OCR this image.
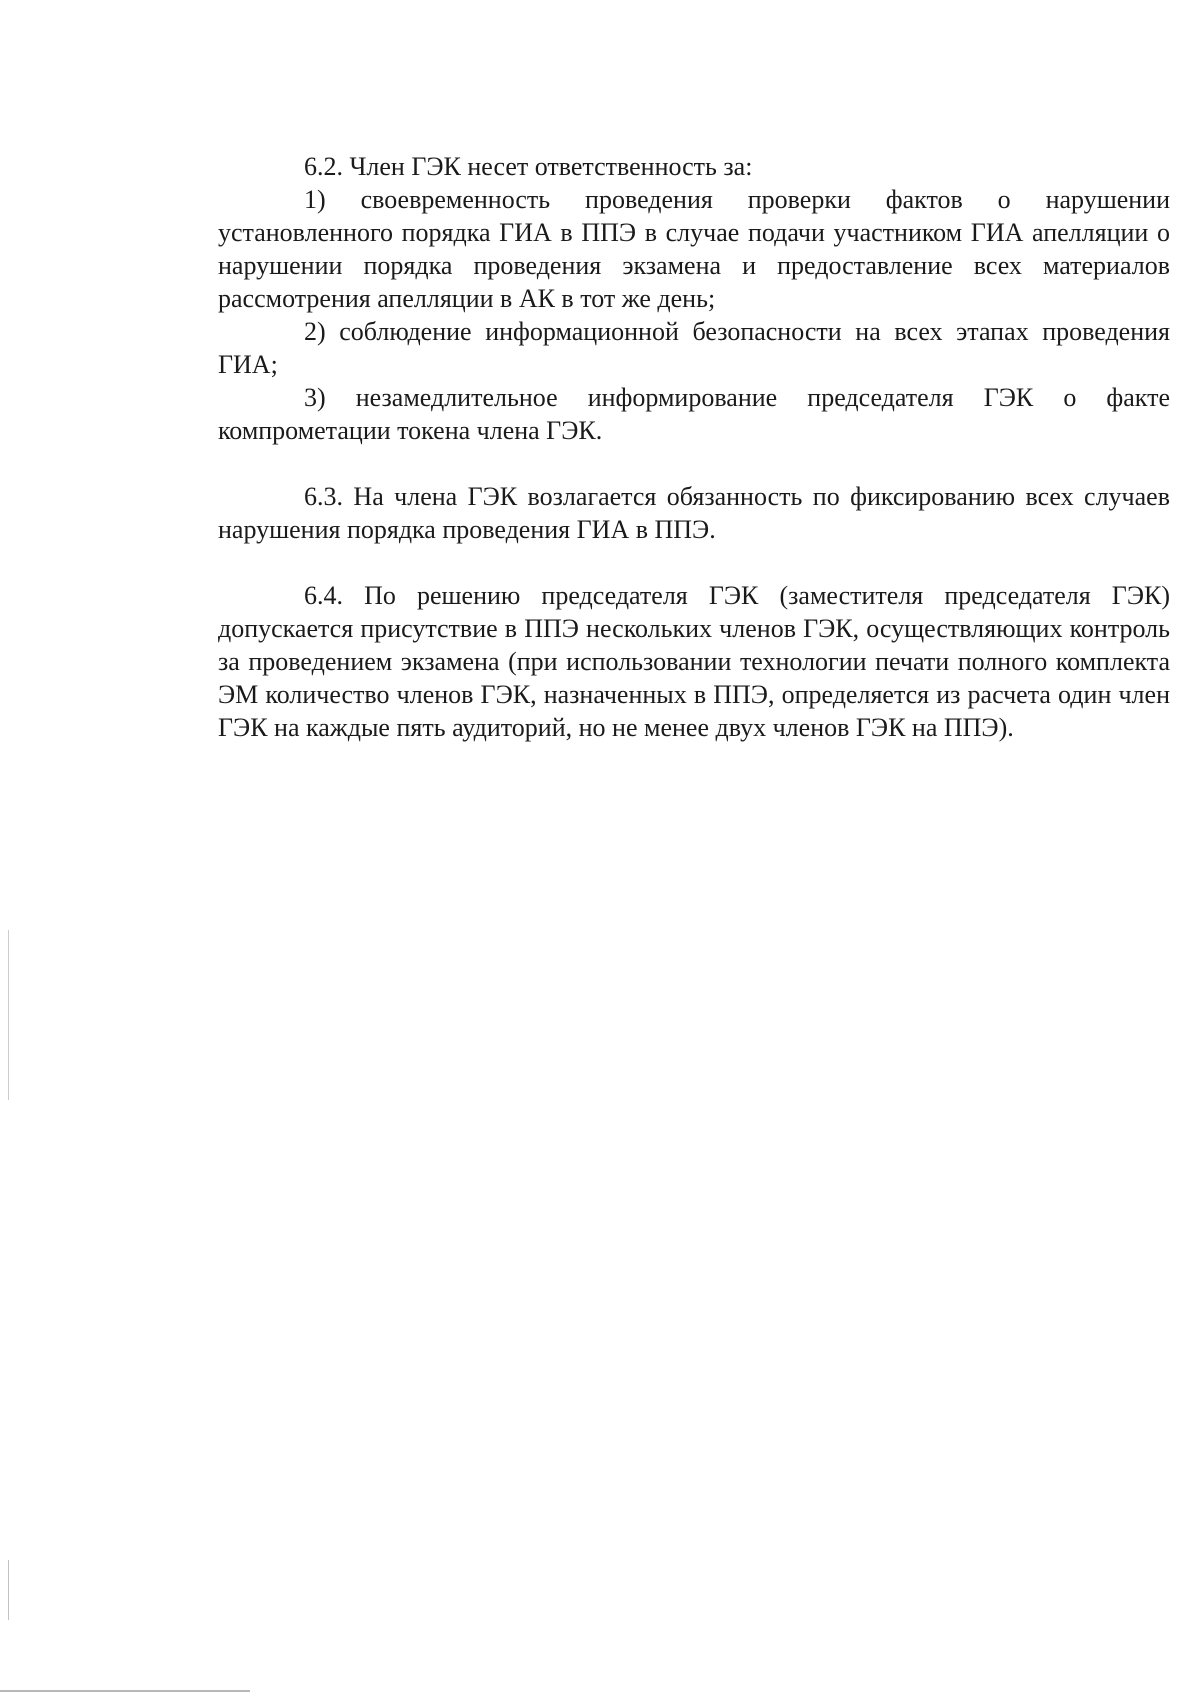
6.2. Член ГЭК несет ответственность за:

1) своевременность проведения проверки фактов о нарушении установленного порядка ГИА в ППЭ в случае подачи участником ГИА апелляции о нарушении порядка проведения экзамена и предоставление всех материалов рассмотрения апелляции в АК в тот же день;

2) соблюдение информационной безопасности на всех этапах проведения ГИА;

3) незамедлительное информирование председателя ГЭК о факте компрометации токена члена ГЭК.

6.3. На члена ГЭК возлагается обязанность по фиксированию всех случаев нарушения порядка проведения ГИА в ППЭ.

6.4. По решению председателя ГЭК (заместителя председателя ГЭК) допускается присутствие в ППЭ нескольких членов ГЭК, осуществляющих контроль за проведением экзамена (при использовании технологии печати полного комплекта ЭМ количество членов ГЭК, назначенных в ППЭ, определяется из расчета один член ГЭК на каждые пять аудиторий, но не менее двух членов ГЭК на ППЭ).
